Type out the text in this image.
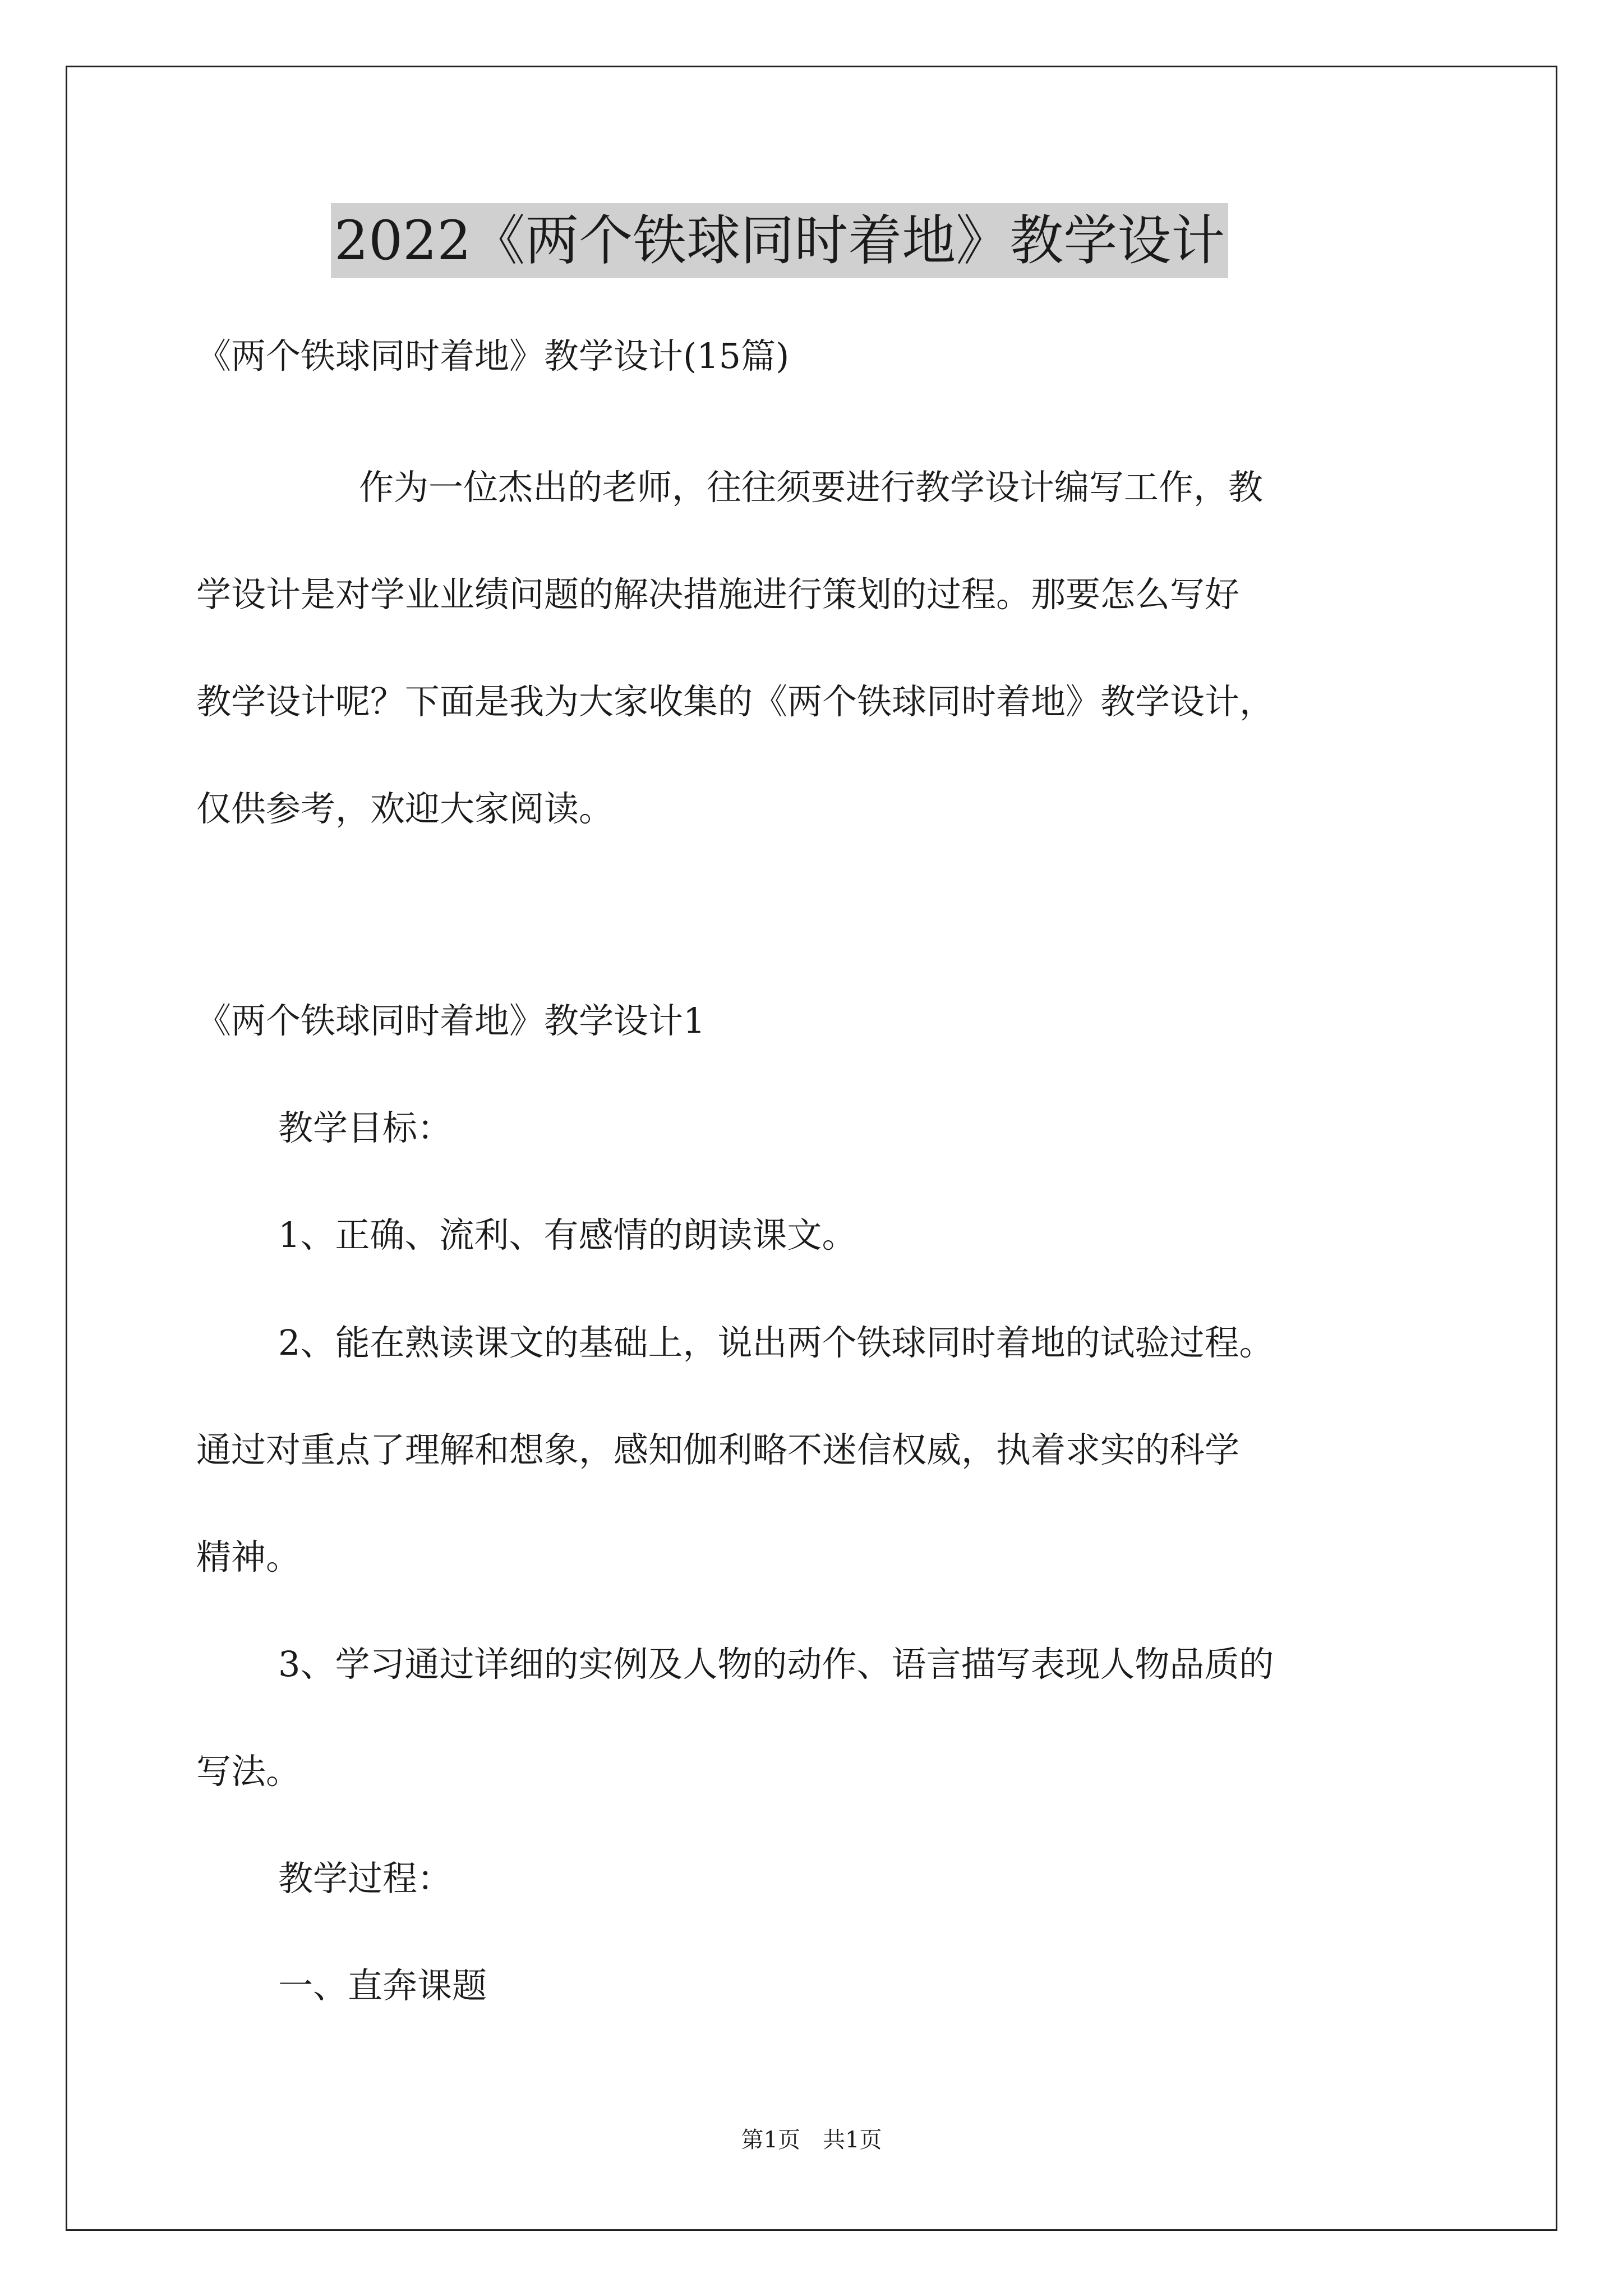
2022《两个铁球同时着地》教学设计
《两个铁球同时着地》教学设计(15篇)
作为一位杰出的老师，往往须要进行教学设计编写工作，教
学设计是对学业业绩问题的解决措施进行策划的过程。那要怎么写好
教学设计呢？下面是我为大家收集的《两个铁球同时着地》教学设计，
仅供参考，欢迎大家阅读。
《两个铁球同时着地》教学设计1
教学目标：
1、正确、流利、有感情的朗读课文。
2、能在熟读课文的基础上，说出两个铁球同时着地的试验过程。
通过对重点了理解和想象，感知伽利略不迷信权威，执着求实的科学
精神。
3、学习通过详细的实例及人物的动作、语言描写表现人物品质的
写法。
教学过程：
一、直奔课题
第1页 共1页
